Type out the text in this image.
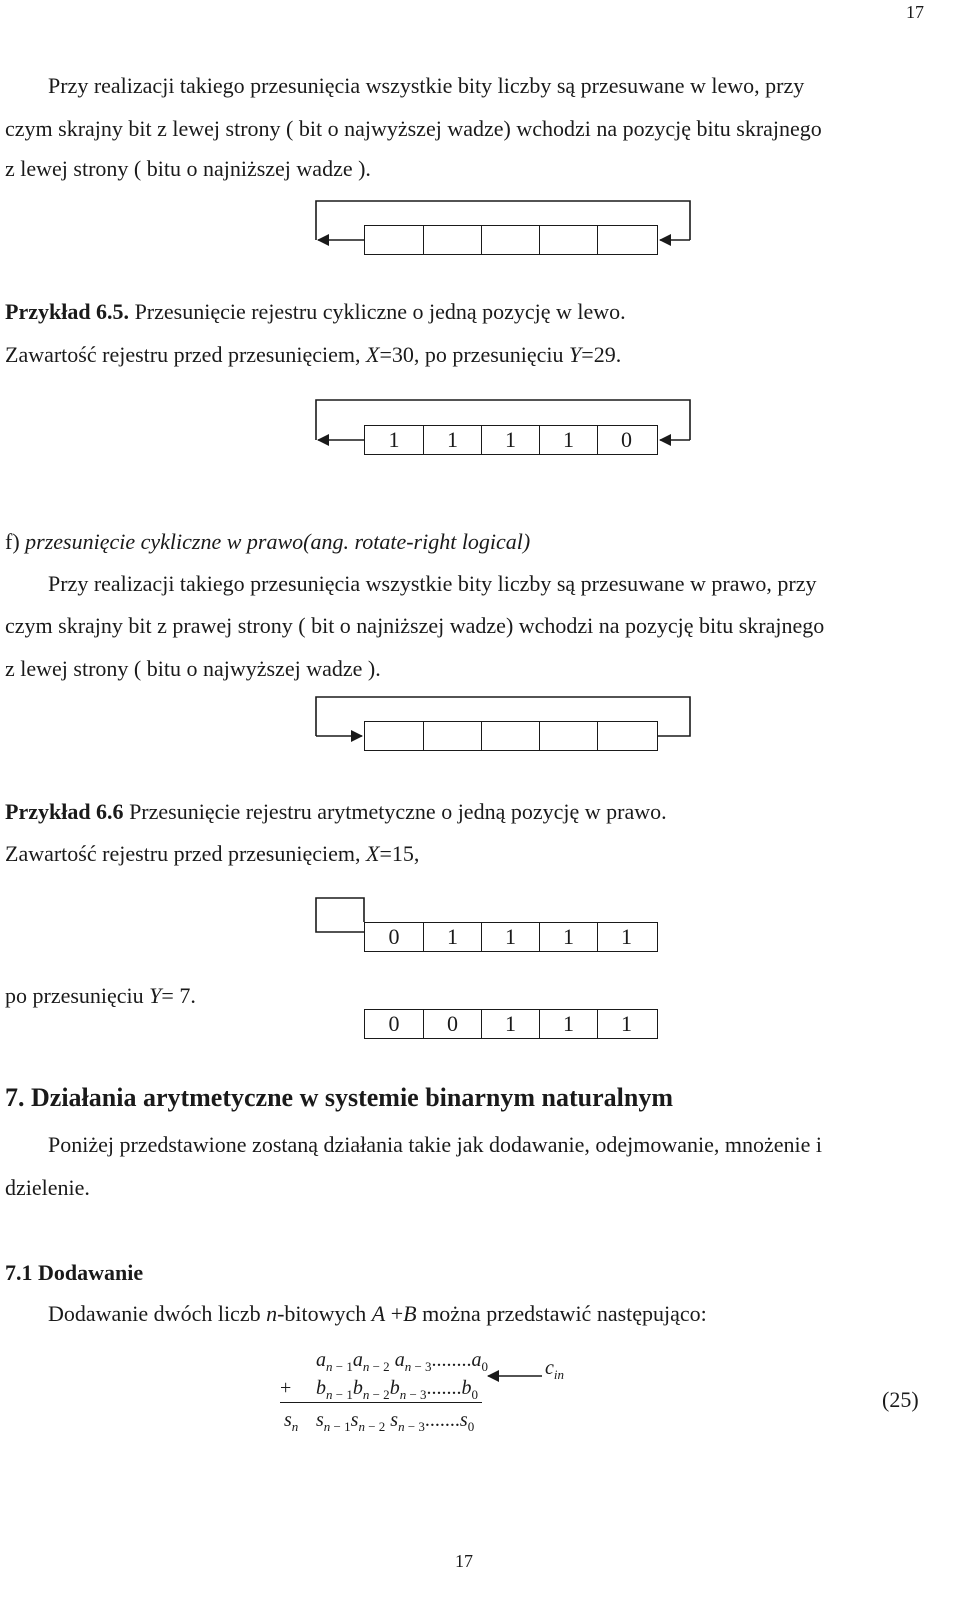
17
Przy realizacji takiego przesunięcia wszystkie bity liczby są przesuwane w lewo, przy
czym skrajny bit z lewej strony ( bit o najwyższej wadze) wchodzi na pozycję bitu skrajnego
z lewej strony ( bitu o najniższej wadze ).
Przykład 6.5. Przesunięcie rejestru cykliczne o jedną pozycję w lewo.
Zawartość rejestru przed przesunięciem, X=30, po przesunięciu Y=29.
1	1	1	1	0
f) przesunięcie cykliczne w prawo(ang. rotate-right logical)
Przy realizacji takiego przesunięcia wszystkie bity liczby są przesuwane w prawo, przy
czym skrajny bit z prawej strony ( bit o najniższej wadze) wchodzi na pozycję bitu skrajnego
z lewej strony ( bitu o najwyższej wadze ).
Przykład 6.6 Przesunięcie rejestru arytmetyczne o jedną pozycję w prawo.
Zawartość rejestru przed przesunięciem, X=15,
0	1	1	1	1
po przesunięciu Y= 7.
0	0	1	1	1
7. Działania arytmetyczne w systemie binarnym naturalnym
Poniżej przedstawione zostaną działania takie jak dodawanie, odejmowanie, mnożenie i
dzielenie.
7.1 Dodawanie
Dodawanie dwóch liczb n-bitowych A +B można przedstawić następująco:
$a_n$ $_{- 1}a_n$ $_{- 2}$ $a_n$ $_{- 3}........a_0$
+ $b_n$ $_{- 1}b_n$ $_{- 2}b_n$ $_{- 3}.......b_0$
$s_n$ $s_n$ $_{- 1}s_n$ $_{- 2}$ $s_n$ $_{- 3}.......s_0$
$c_{in}$
(25)
17
